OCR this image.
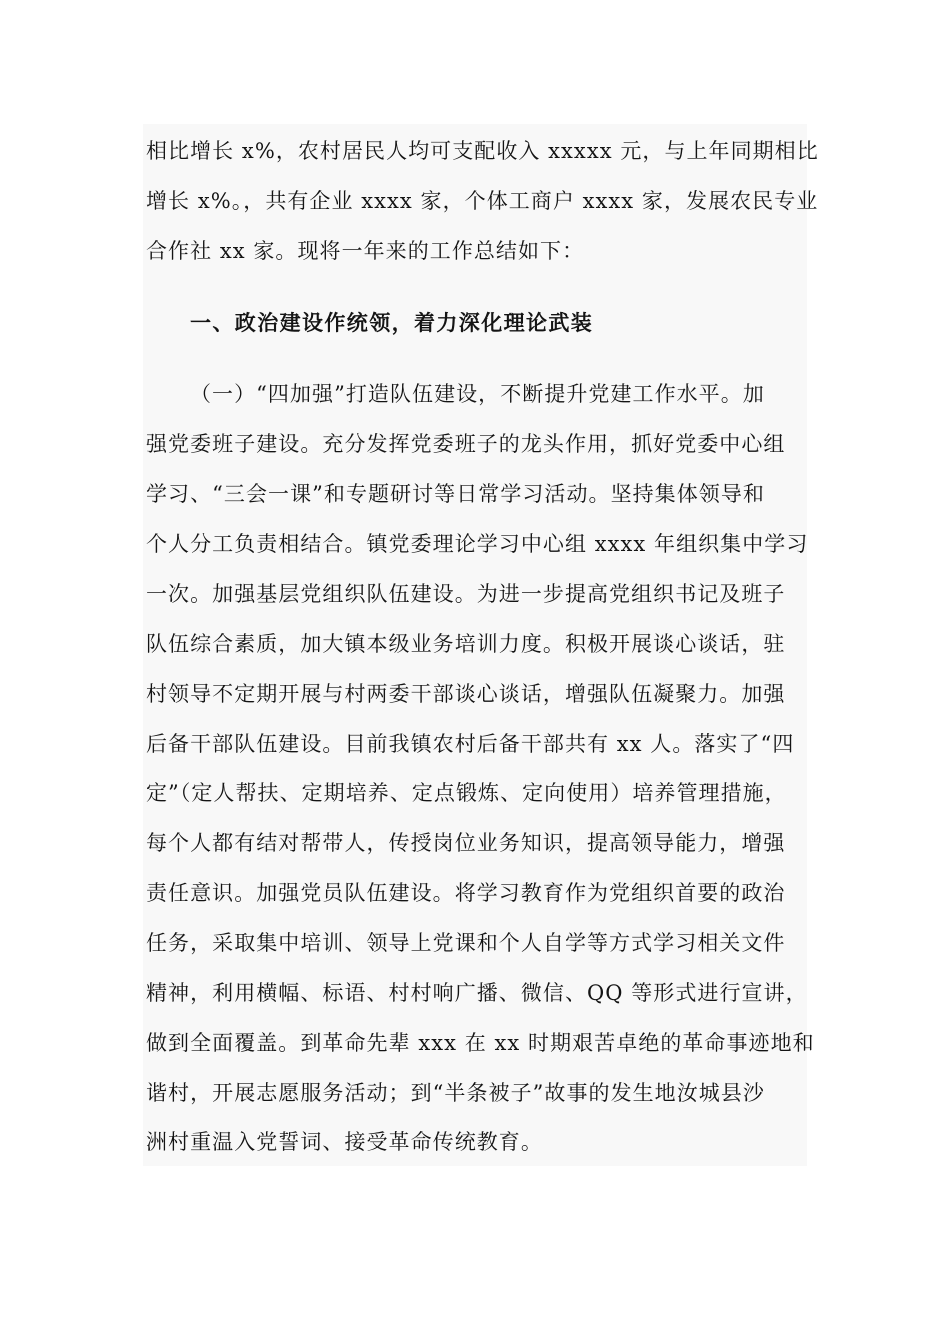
相比增长 x%，农村居民人均可支配收入 xxxxx 元，与上年同期相比
增长 x%。，共有企业 xxxx 家，个体工商户 xxxx 家，发展农民专业
合作社 xx 家。现将一年来的工作总结如下：
一、政治建设作统领，着力深化理论武装
（一）“四加强”打造队伍建设，不断提升党建工作水平。加
强党委班子建设。充分发挥党委班子的龙头作用，抓好党委中心组
学习、“三会一课”和专题研讨等日常学习活动。坚持集体领导和
个人分工负责相结合。镇党委理论学习中心组 xxxx 年组织集中学习
一次。加强基层党组织队伍建设。为进一步提高党组织书记及班子
队伍综合素质，加大镇本级业务培训力度。积极开展谈心谈话，驻
村领导不定期开展与村两委干部谈心谈话，增强队伍凝聚力。加强
后备干部队伍建设。目前我镇农村后备干部共有 xx 人。落实了“四
定”（定人帮扶、定期培养、定点锻炼、定向使用）培养管理措施，
每个人都有结对帮带人，传授岗位业务知识，提高领导能力，增强
责任意识。加强党员队伍建设。将学习教育作为党组织首要的政治
任务，采取集中培训、领导上党课和个人自学等方式学习相关文件
精神，利用横幅、标语、村村响广播、微信、QQ 等形式进行宣讲，
做到全面覆盖。到革命先辈 xxx 在 xx 时期艰苦卓绝的革命事迹地和
谐村，开展志愿服务活动；到“半条被子”故事的发生地汝城县沙
洲村重温入党誓词、接受革命传统教育。
